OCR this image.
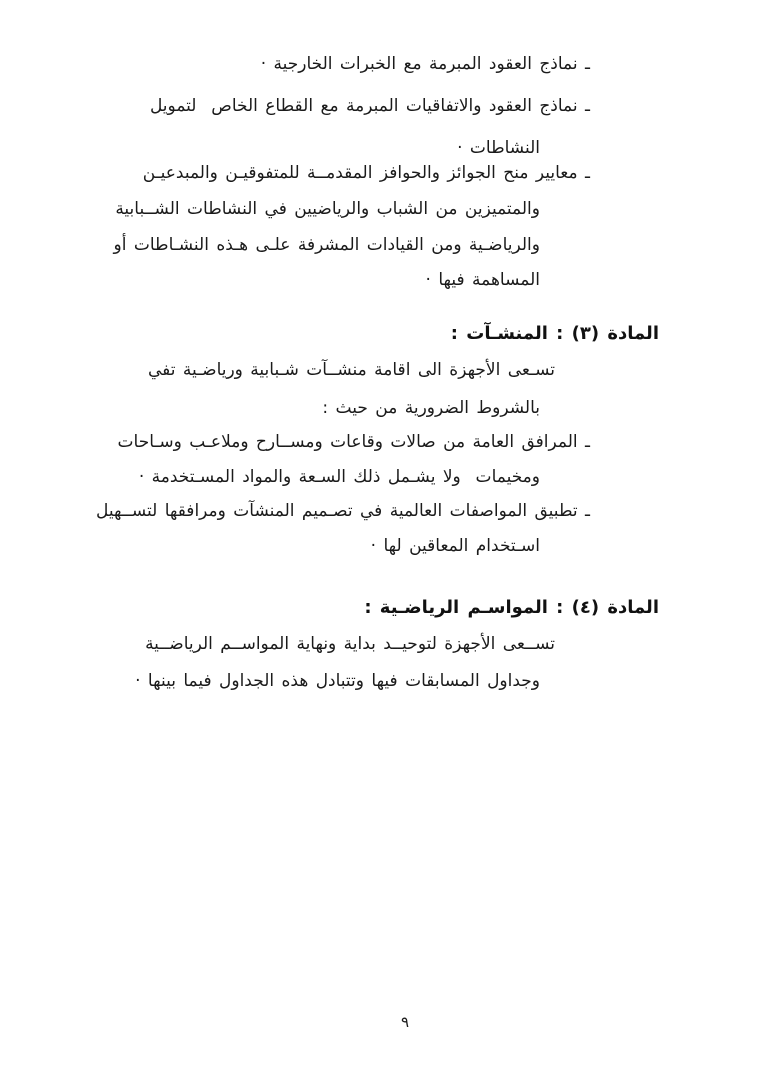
ـ نماذج العقود المبرمة مع الخبرات الخارجية ·
ـ نماذج العقود والاتفاقيات المبرمة مع القطاع الخاص  لتمويل
النشاطات ·
ـ معايير منح الجوائز والحوافز المقدمــة للمتفوقيـن والمبدعيـن
والمتميزين من الشباب والرياضيين في النشاطات الشــبابية
والرياضـية ومن القيادات المشرفة علـى هـذه النشـاطات أو
المساهمة فيها ·
المادة (٣) : المنشـآت :
تسـعى الأجهزة الى اقامة منشــآت شـبابية ورياضـية تفي
بالشروط الضرورية من حيث :
ـ المرافق العامة من صالات وقاعات ومســارح وملاعـب وسـاحات
ومخيمات  ولا يشـمل ذلك السـعة والمواد المسـتخدمة ·
ـ تطبيق المواصفات العالمية في تصـميم المنشآت ومرافقها لتســهيل
اسـتخدام المعاقين لها ·
المادة (٤) : المواسـم الرياضـية :
تســعى الأجهزة لتوحيــد بداية ونهاية المواســم الرياضــية
وجداول المسابقات فيها وتتبادل هذه الجداول فيما بينها ·
٩
